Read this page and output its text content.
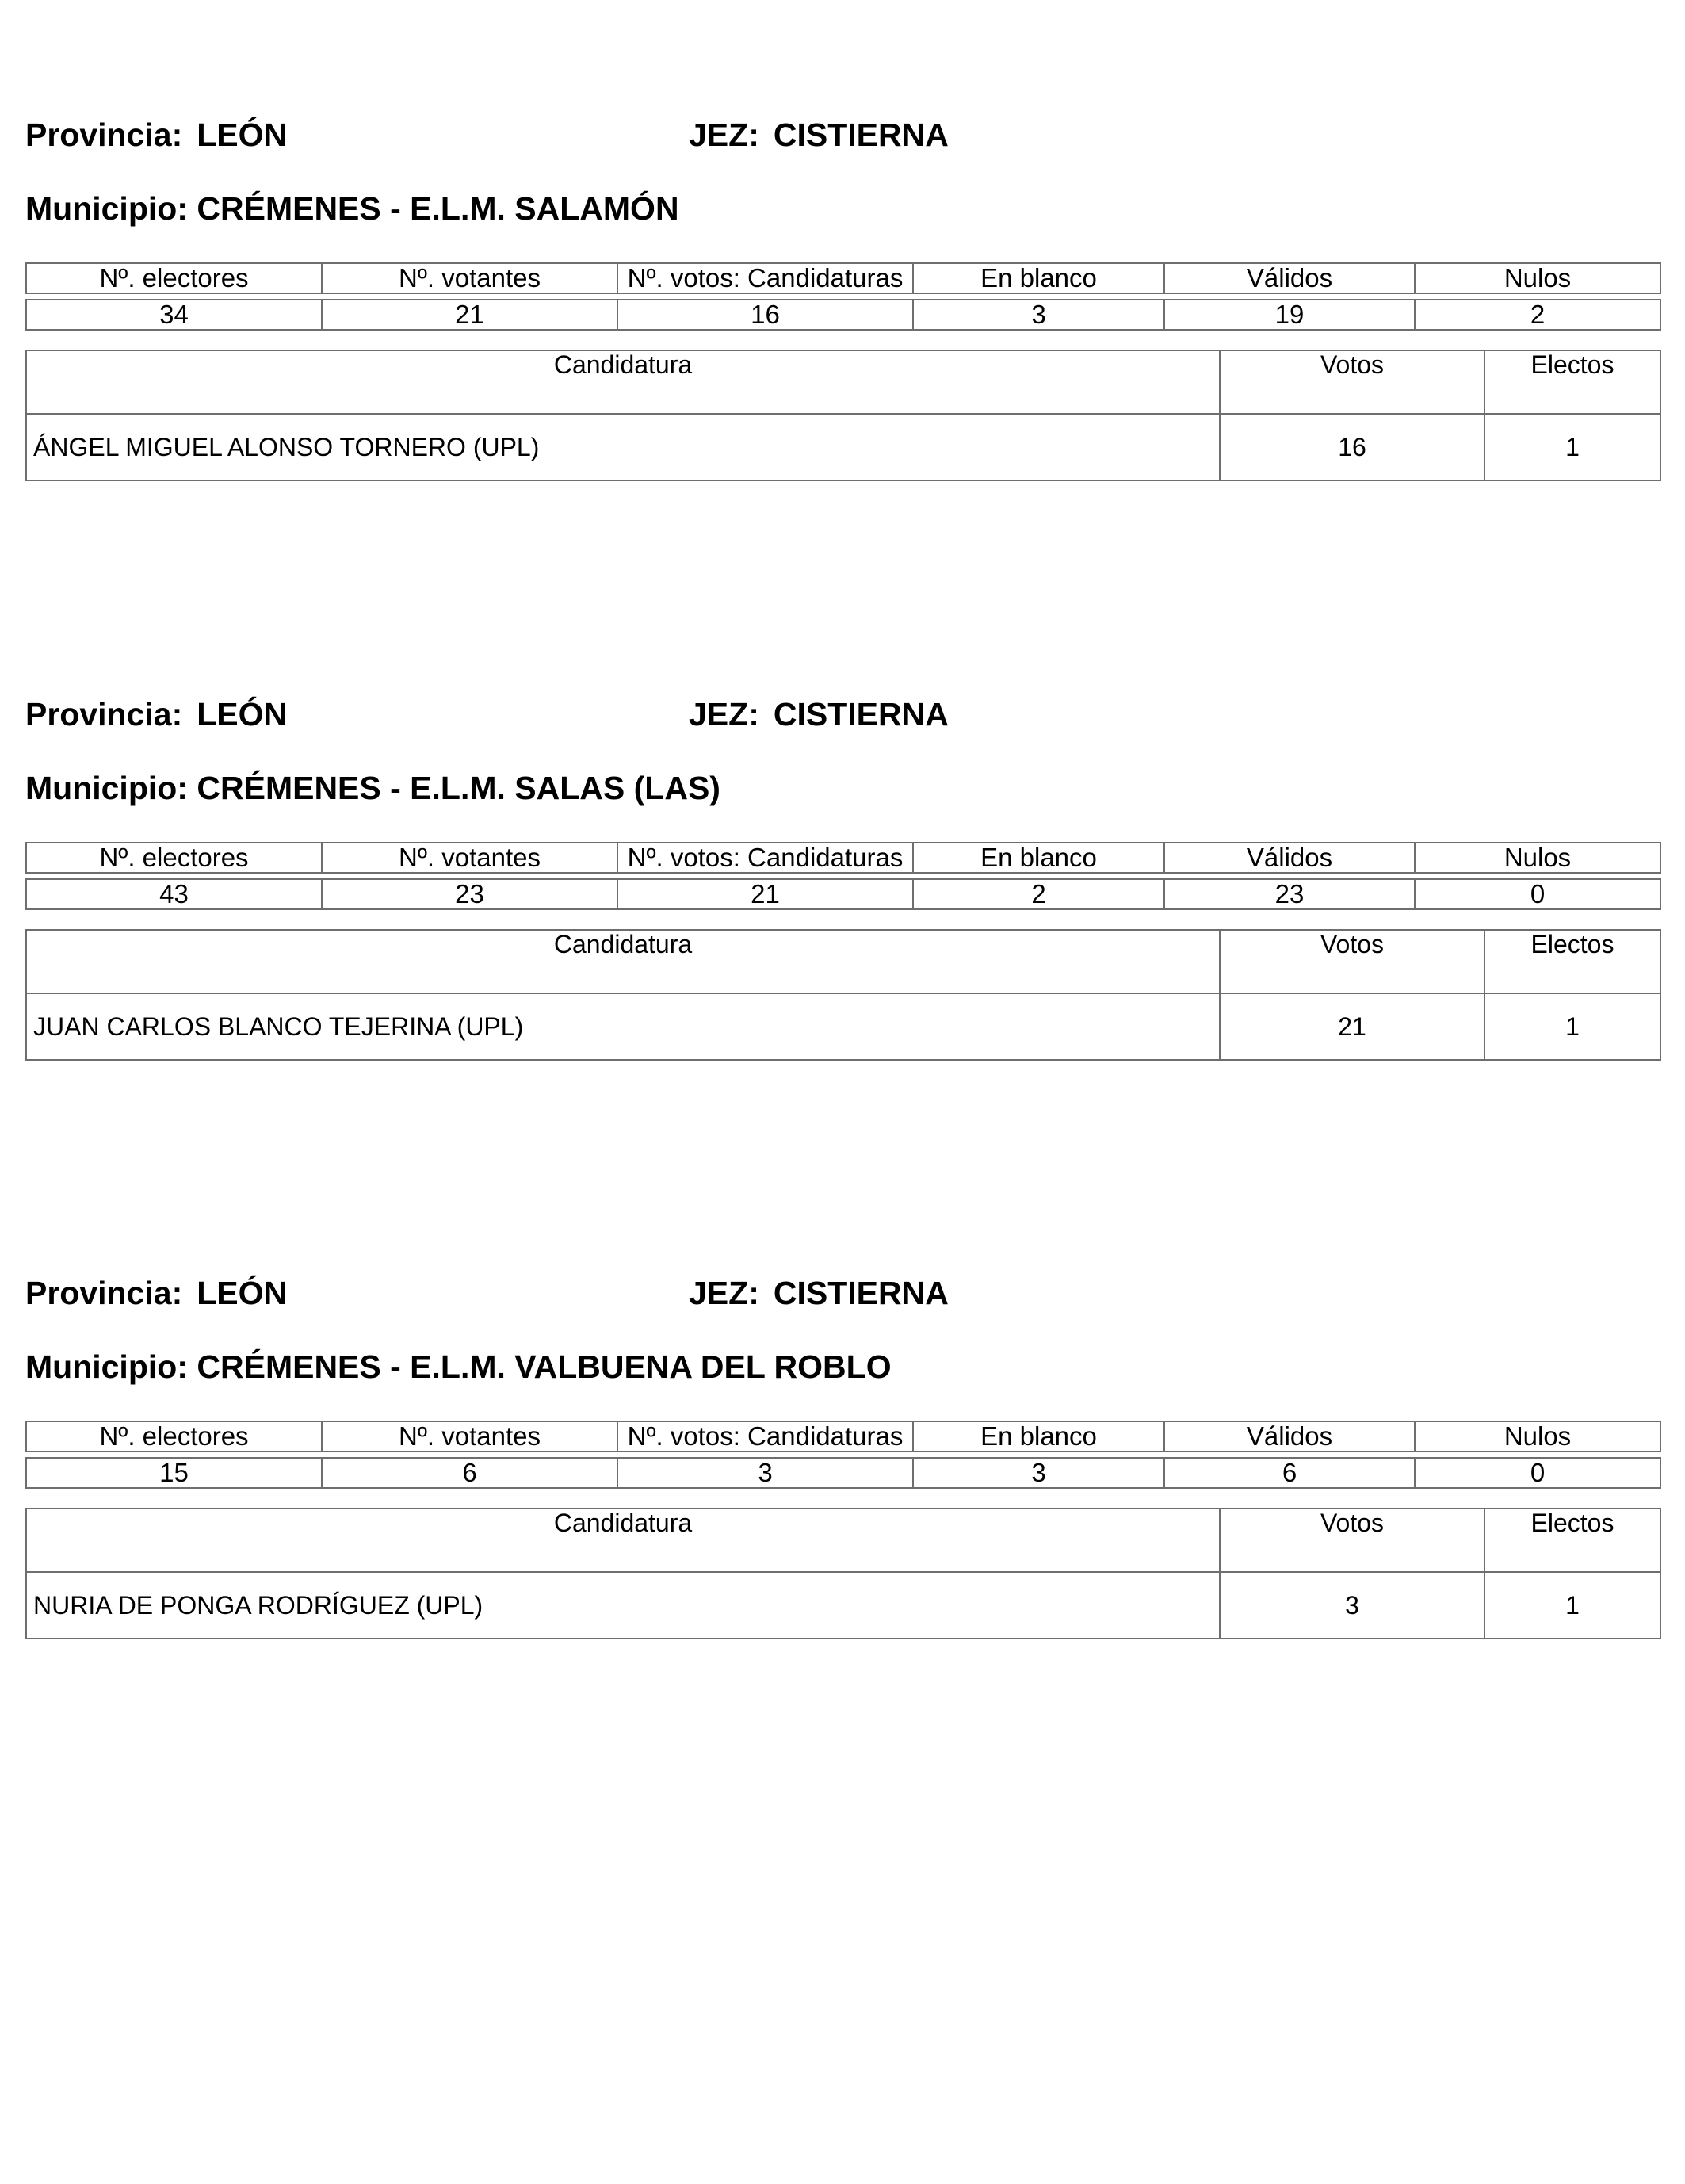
Provincia: LEÓN	JEZ: CISTIERNA
Municipio: CRÉMENES - E.L.M. SALAMÓN
Nº. electores	Nº. votantes	Nº. votos: Candidaturas	En blanco	Válidos	Nulos

34	21	16	3	19	2
Candidatura	Votos	Electos
ÁNGEL MIGUEL ALONSO TORNERO (UPL)	16	1
Provincia: LEÓN	JEZ: CISTIERNA
Municipio: CRÉMENES - E.L.M. SALAS (LAS)
Nº. electores	Nº. votantes	Nº. votos: Candidaturas	En blanco	Válidos	Nulos

43	23	21	2	23	0
Candidatura	Votos	Electos
JUAN CARLOS BLANCO TEJERINA (UPL)	21	1
Provincia: LEÓN	JEZ: CISTIERNA
Municipio: CRÉMENES - E.L.M. VALBUENA DEL ROBLO
Nº. electores	Nº. votantes	Nº. votos: Candidaturas	En blanco	Válidos	Nulos

15	6	3	3	6	0
Candidatura	Votos	Electos
NURIA DE PONGA RODRÍGUEZ (UPL)	3	1
